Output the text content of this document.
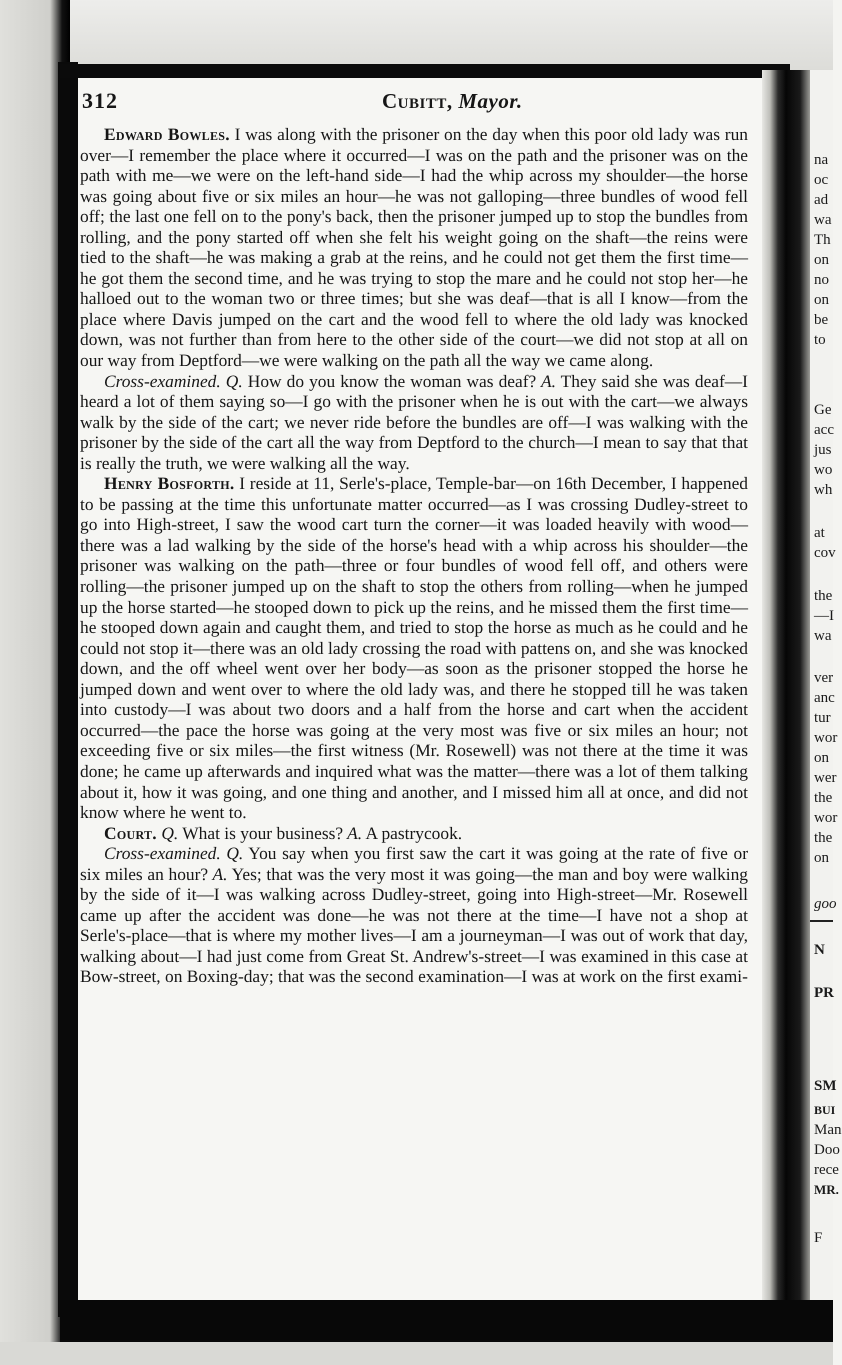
na
oc
ad
wa
Th
on
no
on
be
to
Ge
acc
jus
wo
wh
at
cov
the
—I
wa
ver
anc
tur
wor
on
wer
the
wor
the
on
goo
N
PR
SM
BUI
Man
Doo
rece
MR.
F
312	Cubitt, Mayor.

Edward Bowles. I was along with the prisoner on the day when this poor old lady was run over—I remember the place where it occurred—I was on the path and the prisoner was on the path with me—we were on the left-hand side—I had the whip across my shoulder—the horse was going about five or six miles an hour—he was not galloping—three bundles of wood fell off; the last one fell on to the pony's back, then the prisoner jumped up to stop the bundles from rolling, and the pony started off when she felt his weight going on the shaft—the reins were tied to the shaft—he was making a grab at the reins, and he could not get them the first time—he got them the second time, and he was trying to stop the mare and he could not stop her—he halloed out to the woman two or three times; but she was deaf—that is all I know—from the place where Davis jumped on the cart and the wood fell to where the old lady was knocked down, was not further than from here to the other side of the court—we did not stop at all on our way from Deptford—we were walking on the path all the way we came along.

Cross-examined. Q. How do you know the woman was deaf? A. They said she was deaf—I heard a lot of them saying so—I go with the prisoner when he is out with the cart—we always walk by the side of the cart; we never ride before the bundles are off—I was walking with the prisoner by the side of the cart all the way from Deptford to the church—I mean to say that that is really the truth, we were walking all the way.

Henry Bosforth. I reside at 11, Serle's-place, Temple-bar—on 16th December, I happened to be passing at the time this unfortunate matter occurred—as I was crossing Dudley-street to go into High-street, I saw the wood cart turn the corner—it was loaded heavily with wood—there was a lad walking by the side of the horse's head with a whip across his shoulder—the prisoner was walking on the path—three or four bundles of wood fell off, and others were rolling—the prisoner jumped up on the shaft to stop the others from rolling—when he jumped up the horse started—he stooped down to pick up the reins, and he missed them the first time—he stooped down again and caught them, and tried to stop the horse as much as he could and he could not stop it—there was an old lady crossing the road with pattens on, and she was knocked down, and the off wheel went over her body—as soon as the prisoner stopped the horse he jumped down and went over to where the old lady was, and there he stopped till he was taken into custody—I was about two doors and a half from the horse and cart when the accident occurred—the pace the horse was going at the very most was five or six miles an hour; not exceeding five or six miles—the first witness (Mr. Rosewell) was not there at the time it was done; he came up afterwards and inquired what was the matter—there was a lot of them talking about it, how it was going, and one thing and another, and I missed him all at once, and did not know where he went to.

Court. Q. What is your business? A. A pastrycook.

Cross-examined. Q. You say when you first saw the cart it was going at the rate of five or six miles an hour? A. Yes; that was the very most it was going—the man and boy were walking by the side of it—I was walking across Dudley-street, going into High-street—Mr. Rosewell came up after the accident was done—he was not there at the time—I have not a shop at Serle's-place—that is where my mother lives—I am a journeyman—I was out of work that day, walking about—I had just come from Great St. Andrew's-street—I was examined in this case at Bow-street, on Boxing-day; that was the second examination—I was at work on the first exami-
